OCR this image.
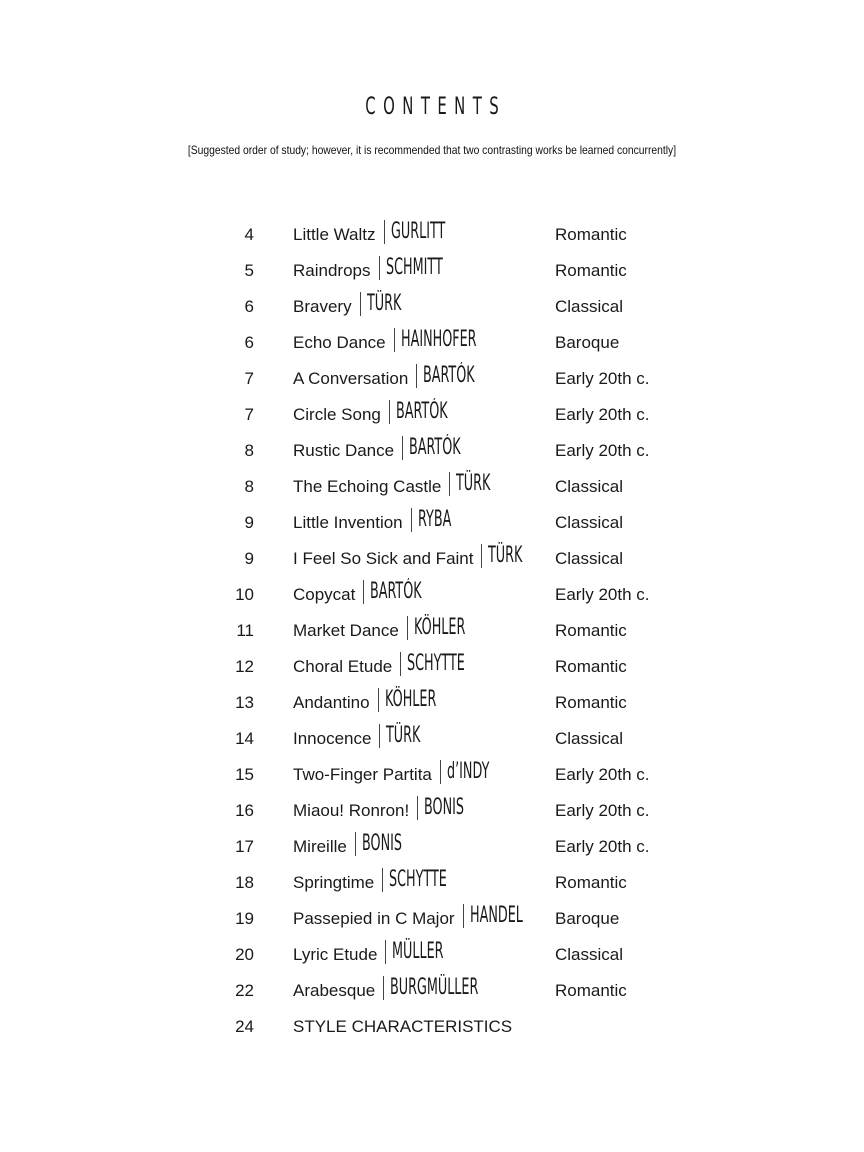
CONTENTS
[Suggested order of study; however, it is recommended that two contrasting works be learned concurrently]
4 Little Waltz GURLITT	Romantic
5 Raindrops SCHMITT	Romantic
6 Bravery TÜRK	Classical
6 Echo Dance HAINHOFER	Baroque
7 A Conversation BARTÓK	Early 20th c.
7 Circle Song BARTÓK	Early 20th c.
8 Rustic Dance BARTÓK	Early 20th c.
8 The Echoing Castle TÜRK	Classical
9 Little Invention RYBA	Classical
9 I Feel So Sick and Faint TÜRK Classical
10 Copycat BARTÓK	Early 20th c.
11 Market Dance KÖHLER	Romantic
12 Choral Etude SCHYTTE	Romantic
13 Andantino KÖHLER	Romantic
14 Innocence TÜRK	Classical
15 Two-Finger Partita d’INDY	Early 20th c.
16 Miaou! Ronron! BONIS	Early 20th c.
17 Mireille BONIS	Early 20th c.
18 Springtime SCHYTTE	Romantic
19 Passepied in C Major HANDEL Baroque
20 Lyric Etude MÜLLER	Classical
22 Arabesque BURGMÜLLER	Romantic
24 STYLE CHARACTERISTICS
